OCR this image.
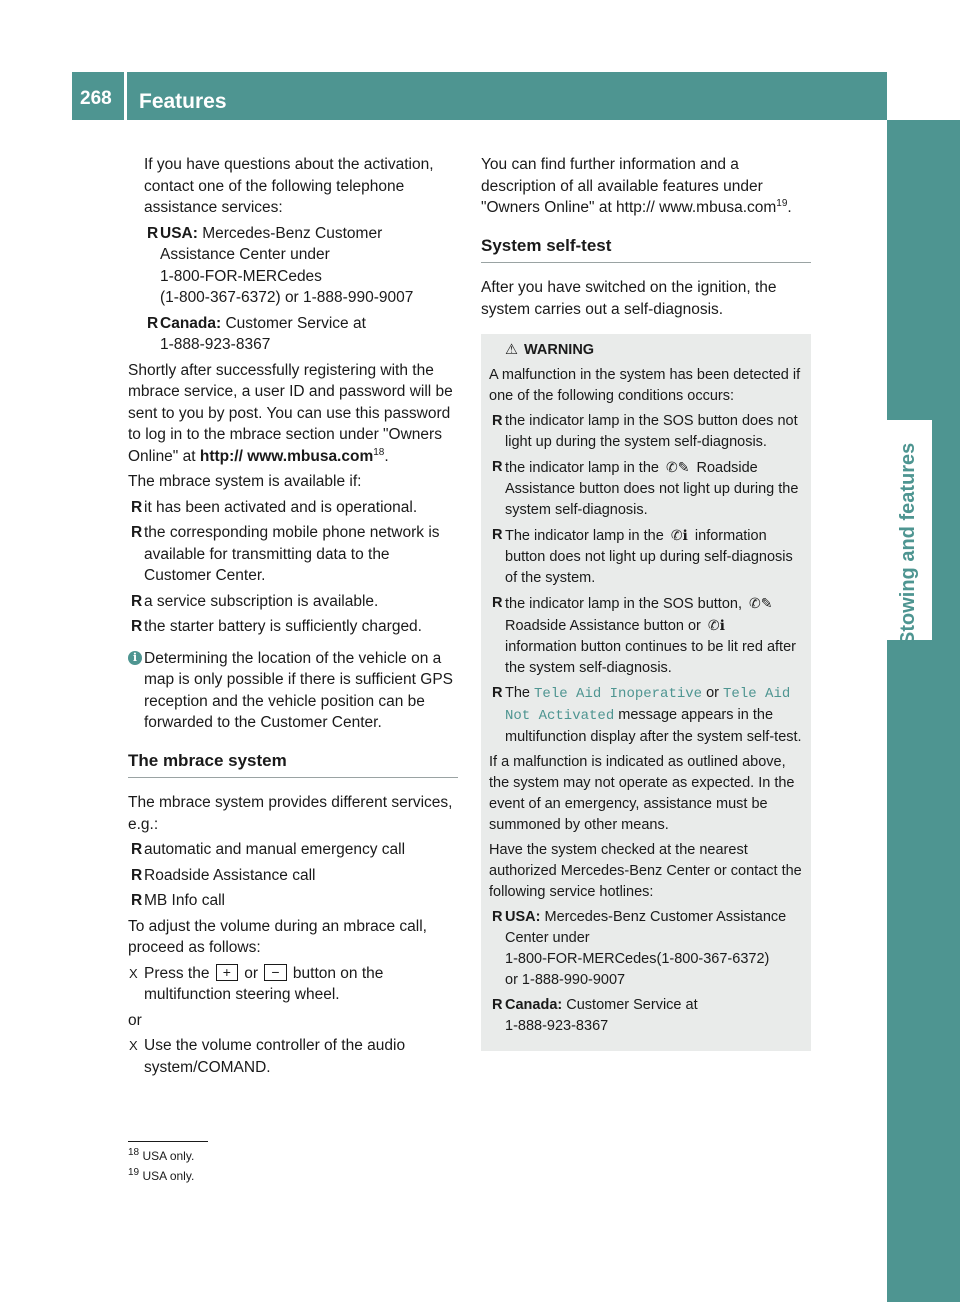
268 Features
Stowing and features

If you have questions about the activation, contact one of the following telephone assistance services:

R USA: Mercedes-Benz Customer Assistance Center under
1-800-FOR-MERCedes
(1-800-367-6372) or 1-888-990-9007
R Canada: Customer Service at
1-888-923-8367

Shortly after successfully registering with the mbrace service, a user ID and password will be sent to you by post. You can use this password to log in to the mbrace section under "Owners Online" at http:// www.mbusa.com$^{18}$.

The mbrace system is available if:

R it has been activated and is operational.
R the corresponding mobile phone network is available for transmitting data to the Customer Center.
R a service subscription is available.
R the starter battery is sufficiently charged.
i Determining the location of the vehicle on a map is only possible if there is sufficient GPS reception and the vehicle position can be forwarded to the Customer Center.
The mbrace system

The mbrace system provides different services, e.g.:

R automatic and manual emergency call
R Roadside Assistance call
R MB Info call

To adjust the volume during an mbrace call, proceed as follows:

X Press the + or − button on the multifunction steering wheel.

or

X Use the volume controller of the audio system/COMAND.
$^{18}$ USA only.
$^{19}$ USA only.

You can find further information and a description of all available features under "Owners Online" at http:// www.mbusa.com$^{19}$.

System self-test

After you have switched on the ignition, the system carries out a self-diagnosis.

⚠ WARNING

A malfunction in the system has been detected if one of the following conditions occurs:

R the indicator lamp in the SOS button does not light up during the system self-diagnosis.
R the indicator lamp in the ✆✎ Roadside Assistance button does not light up during the system self-diagnosis.
R The indicator lamp in the ✆ℹ information button does not light up during self-diagnosis of the system.
R the indicator lamp in the SOS button, ✆✎ Roadside Assistance button or ✆ℹ information button continues to be lit red after the system self-diagnosis.
R The Tele Aid Inoperative or Tele Aid Not Activated message appears in the multifunction display after the system self-test.

If a malfunction is indicated as outlined above, the system may not operate as expected. In the event of an emergency, assistance must be summoned by other means.

Have the system checked at the nearest authorized Mercedes-Benz Center or contact the following service hotlines:

R USA: Mercedes-Benz Customer Assistance Center under
1-800-FOR-MERCedes(1-800-367-6372)
or 1-888-990-9007
R Canada: Customer Service at
1-888-923-8367
